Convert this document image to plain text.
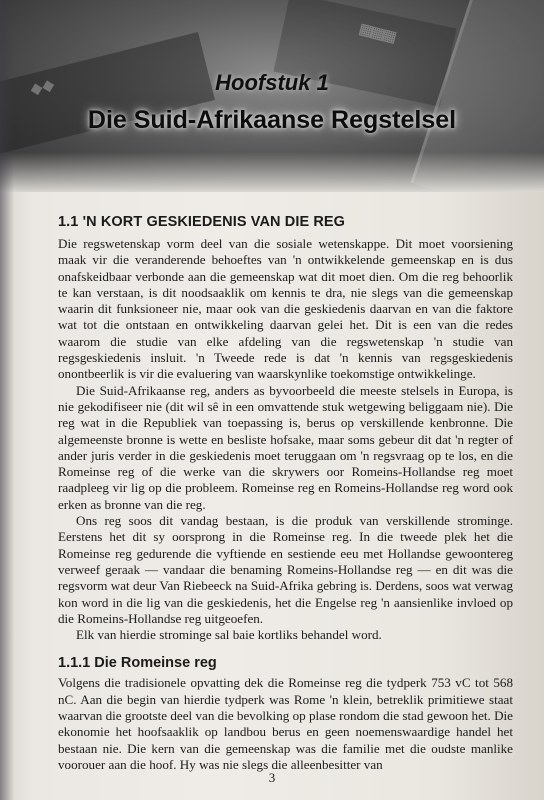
◆◆
▦▦▦
Hoofstuk 1
Die Suid-Afrikaanse Regstelsel
1.1 'N KORT GESKIEDENIS VAN DIE REG

Die regswetenskap vorm deel van die sosiale wetenskappe. Dit moet voorsiening maak vir die veranderende behoeftes van 'n ontwikkelende gemeenskap en is dus onafskeidbaar verbonde aan die gemeenskap wat dit moet dien. Om die reg behoorlik te kan verstaan, is dit noodsaaklik om kennis te dra, nie slegs van die gemeenskap waarin dit funksioneer nie, maar ook van die geskiedenis daarvan en van die faktore wat tot die ontstaan en ontwikkeling daarvan gelei het. Dit is een van die redes waarom die studie van elke afdeling van die regswetenskap 'n studie van regsgeskiedenis insluit. 'n Tweede rede is dat 'n kennis van regsgeskiedenis onontbeerlik is vir die evaluering van waarskynlike toekomstige ontwikkelinge.

Die Suid-Afrikaanse reg, anders as byvoorbeeld die meeste stelsels in Europa, is nie gekodifiseer nie (dit wil sê in een omvattende stuk wetgewing beliggaam nie). Die reg wat in die Republiek van toepassing is, berus op verskillende kenbronne. Die algemeenste bronne is wette en besliste hofsake, maar soms gebeur dit dat 'n regter of ander juris verder in die geskiedenis moet teruggaan om 'n regsvraag op te los, en die Romeinse reg of die werke van die skrywers oor Romeins-Hollandse reg moet raadpleeg vir lig op die probleem. Romeinse reg en Romeins-Hollandse reg word ook erken as bronne van die reg.

Ons reg soos dit vandag bestaan, is die produk van verskillende strominge. Eerstens het dit sy oorsprong in die Romeinse reg. In die tweede plek het die Romeinse reg gedurende die vyftiende en sestiende eeu met Hollandse gewoontereg verweef geraak — vandaar die benaming Romeins-Hollandse reg — en dit was die regsvorm wat deur Van Riebeeck na Suid-Afrika gebring is. Derdens, soos wat verwag kon word in die lig van die geskiedenis, het die Engelse reg 'n aansienlike invloed op die Romeins-Hollandse reg uitgeoefen.

Elk van hierdie strominge sal baie kortliks behandel word.

1.1.1 Die Romeinse reg

Volgens die tradisionele opvatting dek die Romeinse reg die tydperk 753 vC tot 568 nC. Aan die begin van hierdie tydperk was Rome 'n klein, betreklik primitiewe staat waarvan die grootste deel van die bevolking op plase rondom die stad gewoon het. Die ekonomie het hoofsaaklik op landbou berus en geen noemenswaardige handel het bestaan nie. Die kern van die gemeenskap was die familie met die oudste manlike voorouer aan die hoof. Hy was nie slegs die alleenbesitter van

3
